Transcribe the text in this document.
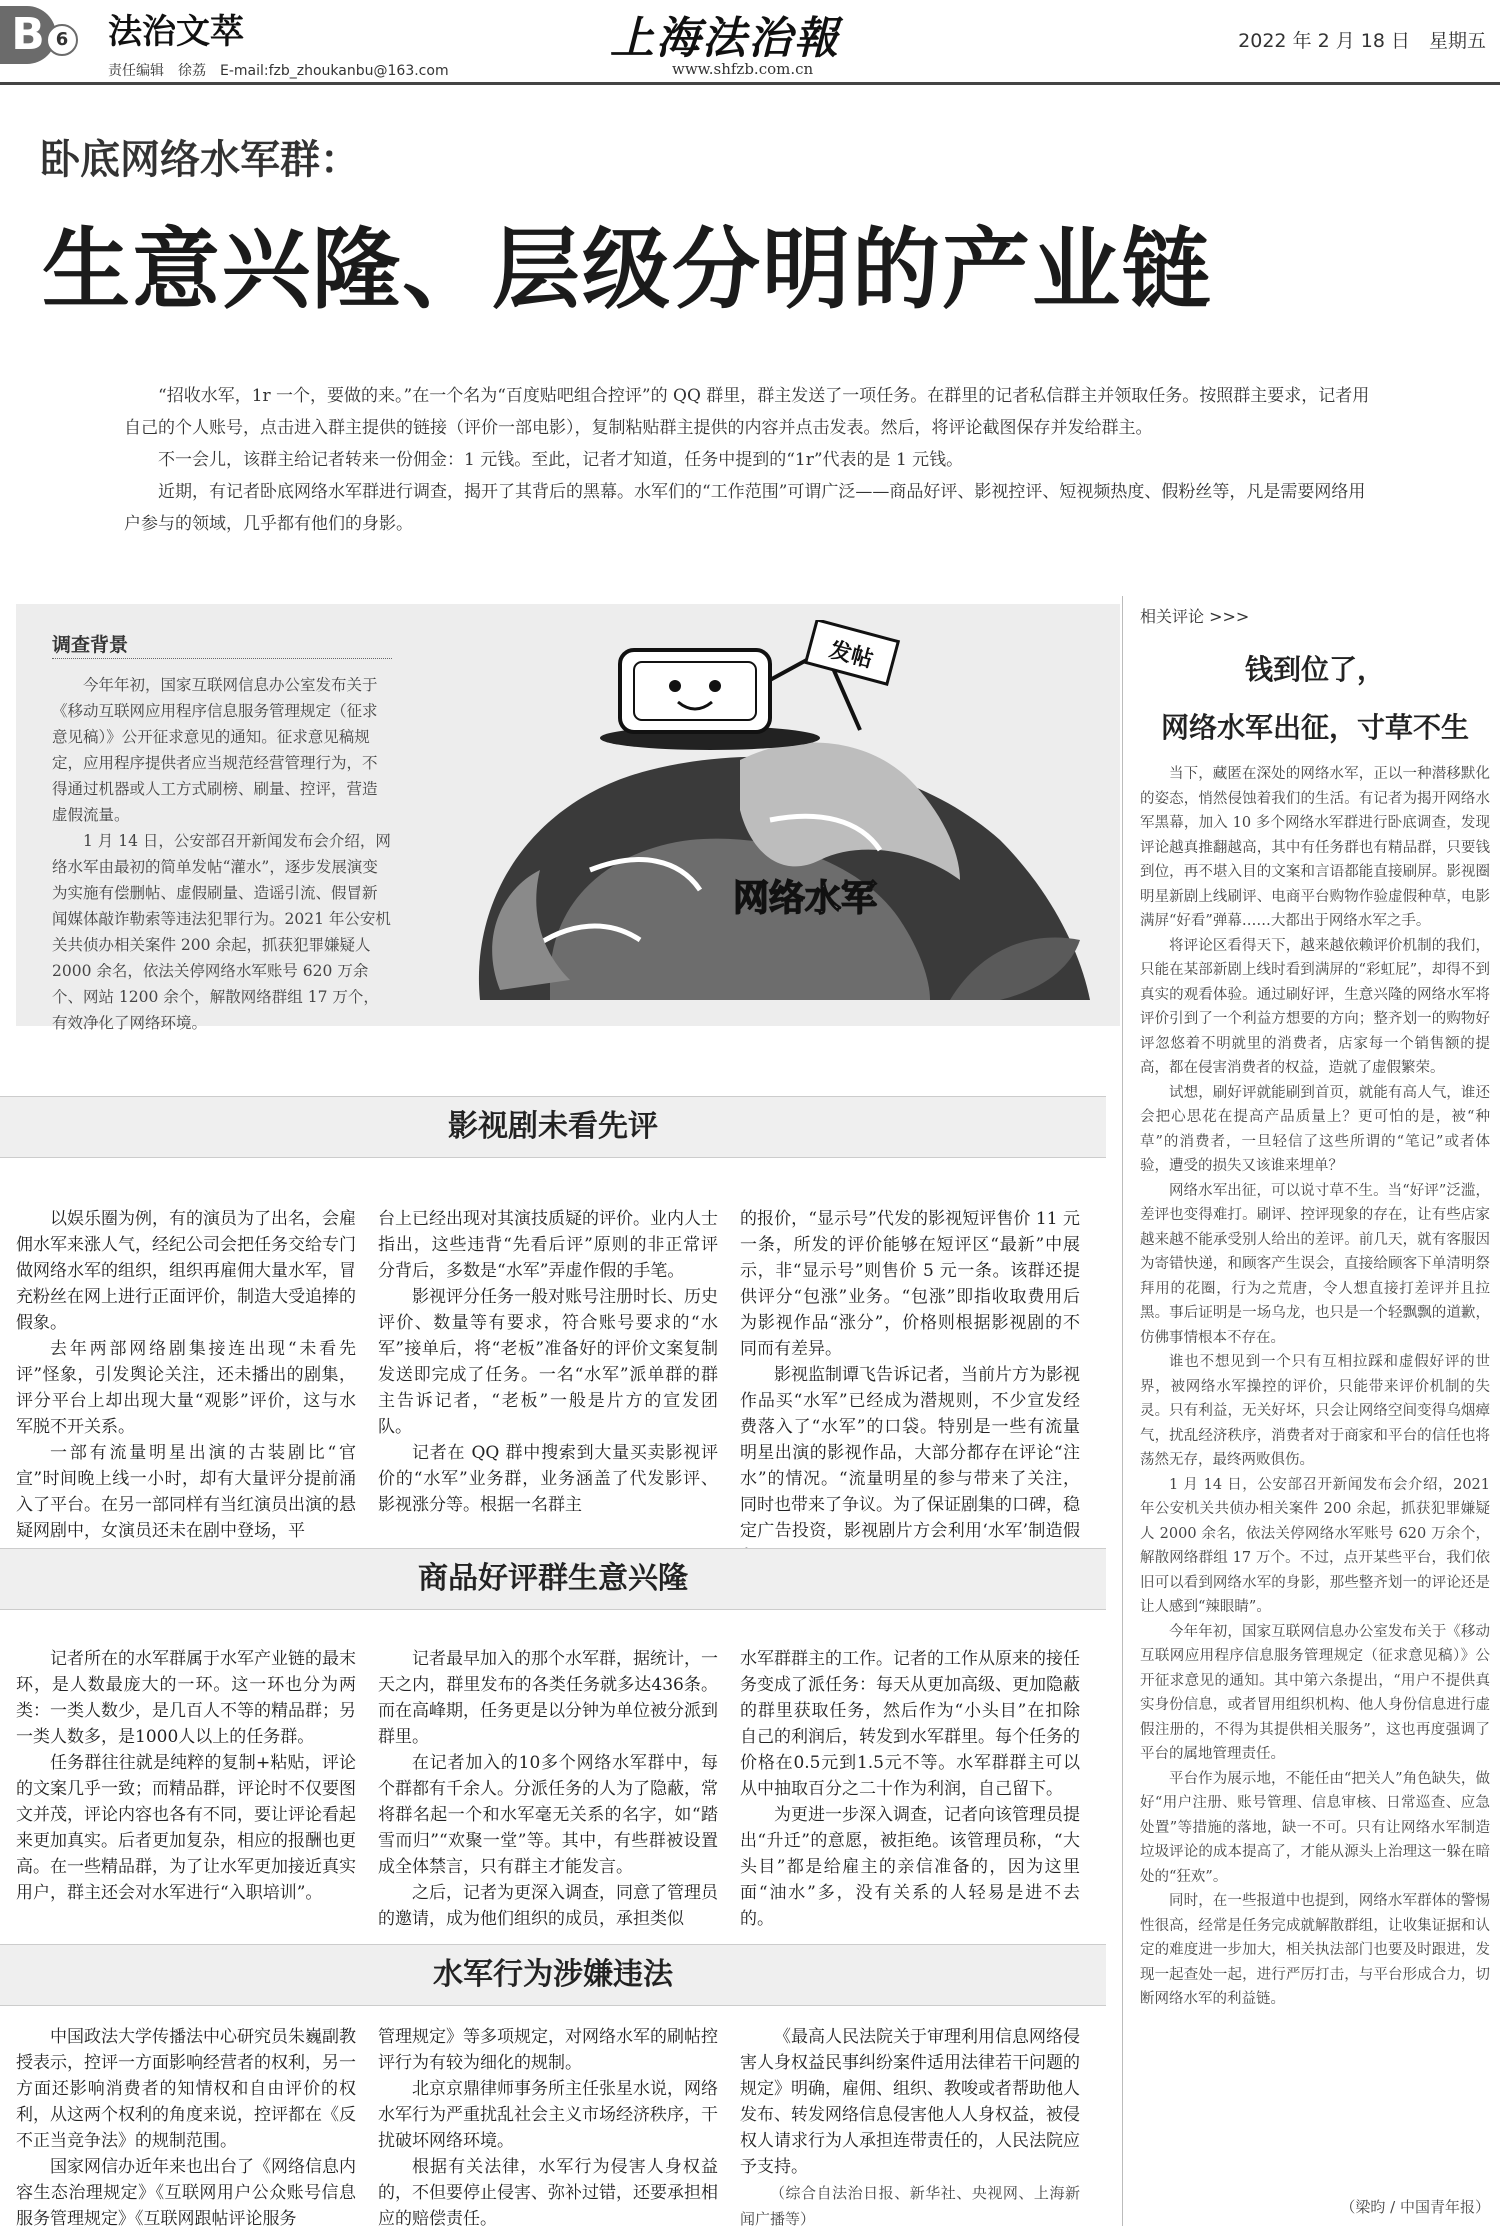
B 6 法治文萃
责任编辑　徐荔　E-mail:fzb_zhoukanbu@163.com
上海法治報
www.shfzb.com.cn
2022 年 2 月 18 日　星期五
卧底网络水军群：
生意兴隆、层级分明的产业链

“招收水军，1r 一个，要做的来。”在一个名为“百度贴吧组合控评”的 QQ 群里，群主发送了一项任务。在群里的记者私信群主并领取任务。按照群主要求，记者用自己的个人账号，点击进入群主提供的链接（评价一部电影），复制粘贴群主提供的内容并点击发表。然后，将评论截图保存并发给群主。

不一会儿，该群主给记者转来一份佣金：1 元钱。至此，记者才知道，任务中提到的“1r”代表的是 1 元钱。

近期，有记者卧底网络水军群进行调查，揭开了其背后的黑幕。水军们的“工作范围”可谓广泛——商品好评、影视控评、短视频热度、假粉丝等，凡是需要网络用户参与的领域，几乎都有他们的身影。

调查背景

今年年初，国家互联网信息办公室发布关于《移动互联网应用程序信息服务管理规定（征求意见稿）》公开征求意见的通知。征求意见稿规定，应用程序提供者应当规范经营管理行为，不得通过机器或人工方式刷榜、刷量、控评，营造虚假流量。

1 月 14 日，公安部召开新闻发布会介绍，网络水军由最初的简单发帖“灌水”，逐步发展演变为实施有偿删帖、虚假刷量、造谣引流、假冒新闻媒体敲诈勒索等违法犯罪行为。2021 年公安机关共侦办相关案件 200 余起，抓获犯罪嫌疑人 2000 余名，依法关停网络水军账号 620 万余个、网站 1200 余个，解散网络群组 17 万个，有效净化了网络环境。

发帖
网络水军
影视剧未看先评

以娱乐圈为例，有的演员为了出名，会雇佣水军来涨人气，经纪公司会把任务交给专门做网络水军的组织，组织再雇佣大量水军，冒充粉丝在网上进行正面评价，制造大受追捧的假象。

去年两部网络剧集接连出现“未看先评”怪象，引发舆论关注，还未播出的剧集，评分平台上却出现大量“观影”评价，这与水军脱不开关系。

一部有流量明星出演的古装剧比“官宣”时间晚上线一小时，却有大量评分提前涌入了平台。在另一部同样有当红演员出演的悬疑网剧中，女演员还未在剧中登场，平

台上已经出现对其演技质疑的评价。业内人士指出，这些违背“先看后评”原则的非正常评分背后，多数是“水军”弄虚作假的手笔。

影视评分任务一般对账号注册时长、历史评价、数量等有要求，符合账号要求的“水军”接单后，将“老板”准备好的评价文案复制发送即完成了任务。一名“水军”派单群的群主告诉记者，“老板”一般是片方的宣发团队。

记者在 QQ 群中搜索到大量买卖影视评价的“水军”业务群，业务涵盖了代发影评、影视涨分等。根据一名群主

的报价，“显示号”代发的影视短评售价 11 元一条，所发的评价能够在短评区“最新”中展示，非“显示号”则售价 5 元一条。该群还提供评分“包涨”业务。“包涨”即指收取费用后为影视作品“涨分”，价格则根据影视剧的不同而有差异。

影视监制谭飞告诉记者，当前片方为影视作品买“水军”已经成为潜规则，不少宣发经费落入了“水军”的口袋。特别是一些有流量明星出演的影视作品，大部分都存在评论“注水”的情况。“流量明星的参与带来了关注，同时也带来了争议。为了保证剧集的口碑，稳定广告投资，影视剧片方会利用‘水军’制造假

商品好评群生意兴隆

记者所在的水军群属于水军产业链的最末环，是人数最庞大的一环。这一环也分为两类：一类人数少，是几百人不等的精品群；另一类人数多，是1000人以上的任务群。

任务群往往就是纯粹的复制+粘贴，评论的文案几乎一致；而精品群，评论时不仅要图文并茂，评论内容也各有不同，要让评论看起来更加真实。后者更加复杂，相应的报酬也更高。在一些精品群，为了让水军更加接近真实用户，群主还会对水军进行“入职培训”。

记者最早加入的那个水军群，据统计，一天之内，群里发布的各类任务就多达436条。而在高峰期，任务更是以分钟为单位被分派到群里。

在记者加入的10多个网络水军群中，每个群都有千余人。分派任务的人为了隐蔽，常将群名起一个和水军毫无关系的名字，如“踏雪而归”“欢聚一堂”等。其中，有些群被设置成全体禁言，只有群主才能发言。

之后，记者为更深入调查，同意了管理员的邀请，成为他们组织的成员，承担类似

水军群群主的工作。记者的工作从原来的接任务变成了派任务：每天从更加高级、更加隐蔽的群里获取任务，然后作为“小头目”在扣除自己的利润后，转发到水军群里。每个任务的价格在0.5元到1.5元不等。水军群群主可以从中抽取百分之二十作为利润，自己留下。

为更进一步深入调查，记者向该管理员提出“升迁”的意愿，被拒绝。该管理员称，“大头目”都是给雇主的亲信准备的，因为这里面“油水”多，没有关系的人轻易是进不去的。

水军行为涉嫌违法

中国政法大学传播法中心研究员朱巍副教授表示，控评一方面影响经营者的权利，另一方面还影响消费者的知情权和自由评价的权利，从这两个权利的角度来说，控评都在《反不正当竞争法》的规制范围。

国家网信办近年来也出台了《网络信息内容生态治理规定》《互联网用户公众账号信息服务管理规定》《互联网跟帖评论服务

管理规定》等多项规定，对网络水军的刷帖控评行为有较为细化的规制。

北京京鼎律师事务所主任张星水说，网络水军行为严重扰乱社会主义市场经济秩序，干扰破坏网络环境。

根据有关法律，水军行为侵害人身权益的，不但要停止侵害、弥补过错，还要承担相应的赔偿责任。

《最高人民法院关于审理利用信息网络侵害人身权益民事纠纷案件适用法律若干问题的规定》明确，雇佣、组织、教唆或者帮助他人发布、转发网络信息侵害他人人身权益，被侵权人请求行为人承担连带责任的，人民法院应予支持。

（综合自法治日报、新华社、央视网、上海新闻广播等）

相关评论 >>>
钱到位了，
网络水军出征，寸草不生

当下，藏匿在深处的网络水军，正以一种潜移默化的姿态，悄然侵蚀着我们的生活。有记者为揭开网络水军黑幕，加入 10 多个网络水军群进行卧底调查，发现评论越真推翻越高，其中有任务群也有精品群，只要钱到位，再不堪入目的文案和言语都能直接刷屏。影视圈明星新剧上线刷评、电商平台购物作验虚假种草，电影满屏“好看”弹幕……大都出于网络水军之手。

将评论区看得天下，越来越依赖评价机制的我们，只能在某部新剧上线时看到满屏的“彩虹屁”，却得不到真实的观看体验。通过刷好评，生意兴隆的网络水军将评价引到了一个利益方想要的方向；整齐划一的购物好评忽悠着不明就里的消费者，店家每一个销售额的提高，都在侵害消费者的权益，造就了虚假繁荣。

试想，刷好评就能刷到首页，就能有高人气，谁还会把心思花在提高产品质量上？更可怕的是，被“种草”的消费者，一旦轻信了这些所谓的“笔记”或者体验，遭受的损失又该谁来埋单？

网络水军出征，可以说寸草不生。当“好评”泛滥，差评也变得难打。刷评、控评现象的存在，让有些店家越来越不能承受别人给出的差评。前几天，就有客服因为寄错快递，和顾客产生误会，直接给顾客下单清明祭拜用的花圈，行为之荒唐，令人想直接打差评并且拉黑。事后证明是一场乌龙，也只是一个轻飘飘的道歉，仿佛事情根本不存在。

谁也不想见到一个只有互相拉踩和虚假好评的世界，被网络水军操控的评价，只能带来评价机制的失灵。只有利益，无关好坏，只会让网络空间变得乌烟瘴气，扰乱经济秩序，消费者对于商家和平台的信任也将荡然无存，最终两败俱伤。

1 月 14 日，公安部召开新闻发布会介绍，2021 年公安机关共侦办相关案件 200 余起，抓获犯罪嫌疑人 2000 余名，依法关停网络水军账号 620 万余个，解散网络群组 17 万个。不过，点开某些平台，我们依旧可以看到网络水军的身影，那些整齐划一的评论还是让人感到“辣眼睛”。

今年年初，国家互联网信息办公室发布关于《移动互联网应用程序信息服务管理规定（征求意见稿）》公开征求意见的通知。其中第六条提出，“用户不提供真实身份信息，或者冒用组织机构、他人身份信息进行虚假注册的，不得为其提供相关服务”，这也再度强调了平台的属地管理责任。

平台作为展示地，不能任由“把关人”角色缺失，做好“用户注册、账号管理、信息审核、日常巡查、应急处置”等措施的落地，缺一不可。只有让网络水军制造垃圾评论的成本提高了，才能从源头上治理这一躲在暗处的“狂欢”。

同时，在一些报道中也提到，网络水军群体的警惕性很高，经常是任务完成就解散群组，让收集证据和认定的难度进一步加大，相关执法部门也要及时跟进，发现一起查处一起，进行严厉打击，与平台形成合力，切断网络水军的利益链。

（梁昀 / 中国青年报）
